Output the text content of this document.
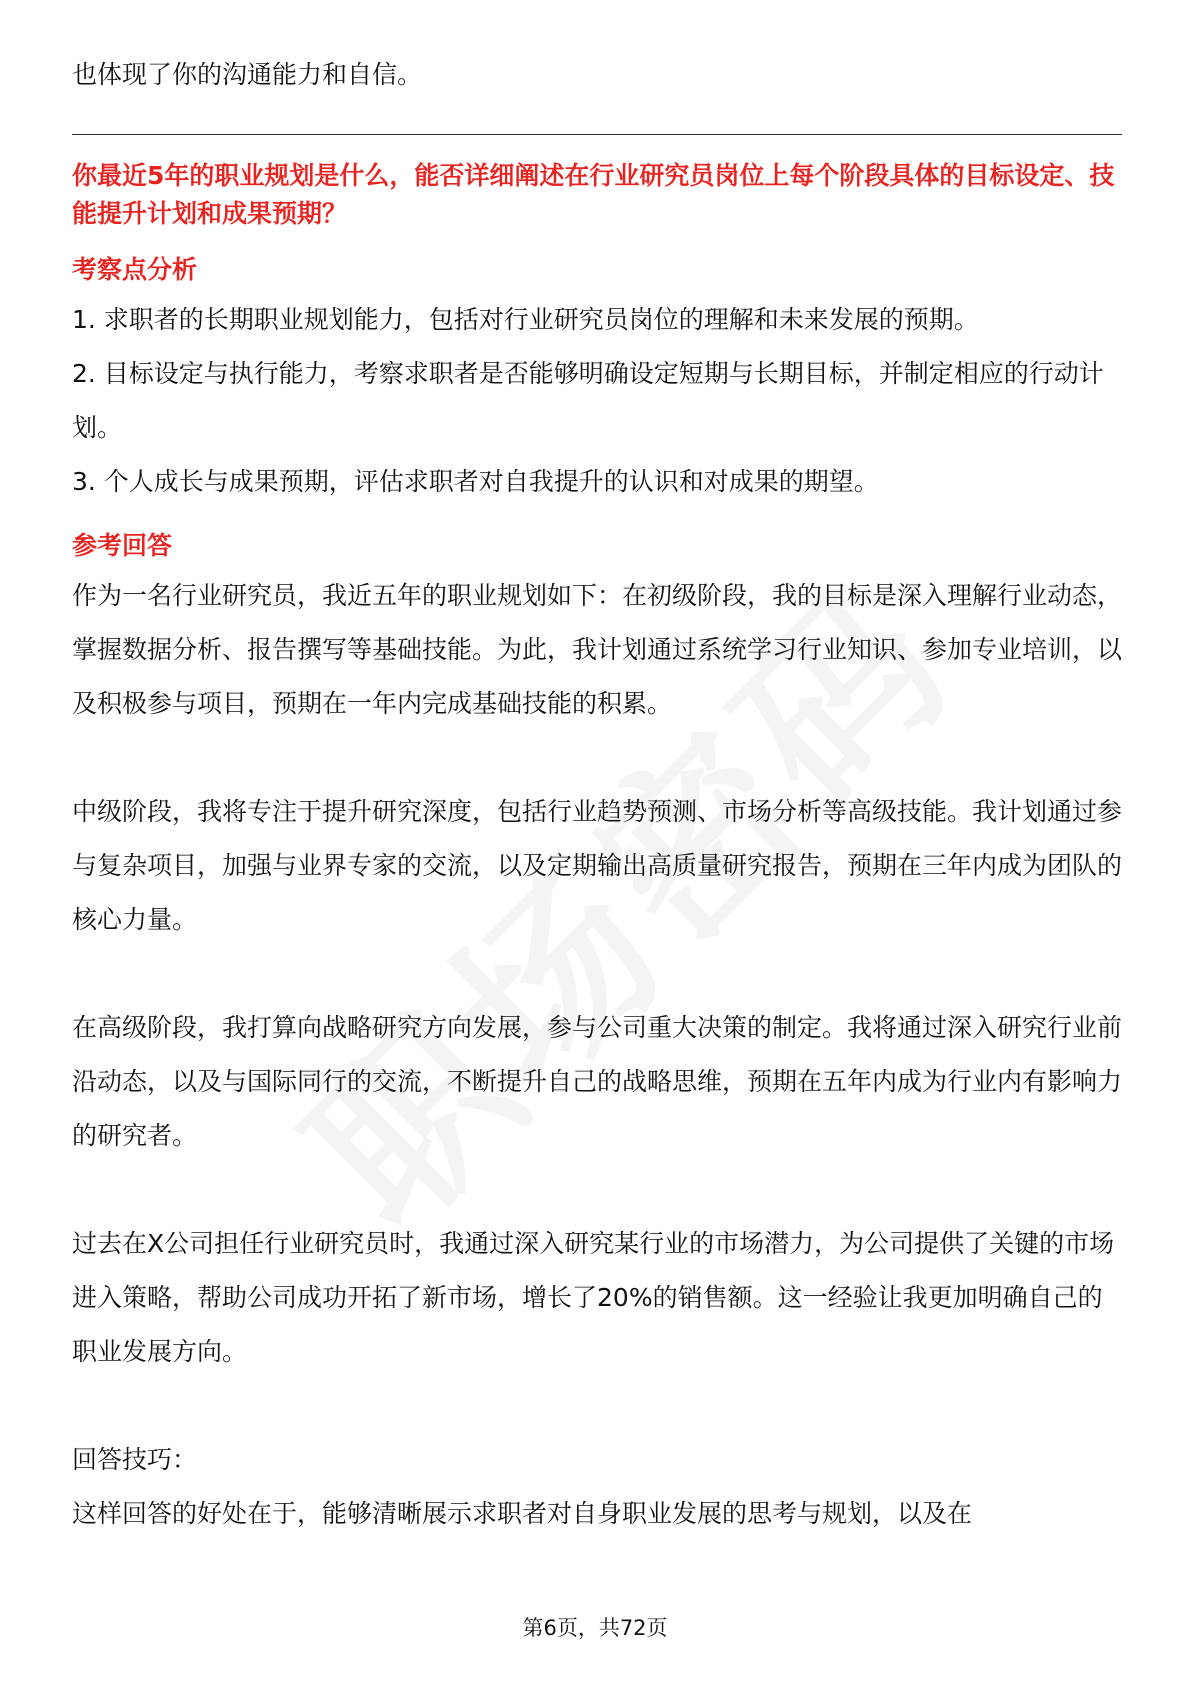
也体现了你的沟通能力和自信。

你最近5年的职业规划是什么，能否详细阐述在行业研究员岗位上每个阶段具体的目标设定、技能提升计划和成果预期？

考察点分析

1. 求职者的长期职业规划能力，包括对行业研究员岗位的理解和未来发展的预期。

2. 目标设定与执行能力，考察求职者是否能够明确设定短期与长期目标，并制定相应的行动计划。

3. 个人成长与成果预期，评估求职者对自我提升的认识和对成果的期望。

参考回答

作为一名行业研究员，我近五年的职业规划如下：在初级阶段，我的目标是深入理解行业动态，掌握数据分析、报告撰写等基础技能。为此，我计划通过系统学习行业知识、参加专业培训，以及积极参与项目，预期在一年内完成基础技能的积累。

中级阶段，我将专注于提升研究深度，包括行业趋势预测、市场分析等高级技能。我计划通过参与复杂项目，加强与业界专家的交流，以及定期输出高质量研究报告，预期在三年内成为团队的核心力量。

在高级阶段，我打算向战略研究方向发展，参与公司重大决策的制定。我将通过深入研究行业前沿动态，以及与国际同行的交流，不断提升自己的战略思维，预期在五年内成为行业内有影响力的研究者。

过去在X公司担任行业研究员时，我通过深入研究某行业的市场潜力，为公司提供了关键的市场进入策略，帮助公司成功开拓了新市场，增长了20%的销售额。这一经验让我更加明确自己的职业发展方向。

回答技巧：

这样回答的好处在于，能够清晰展示求职者对自身职业发展的思考与规划，以及在

第6页，共72页
